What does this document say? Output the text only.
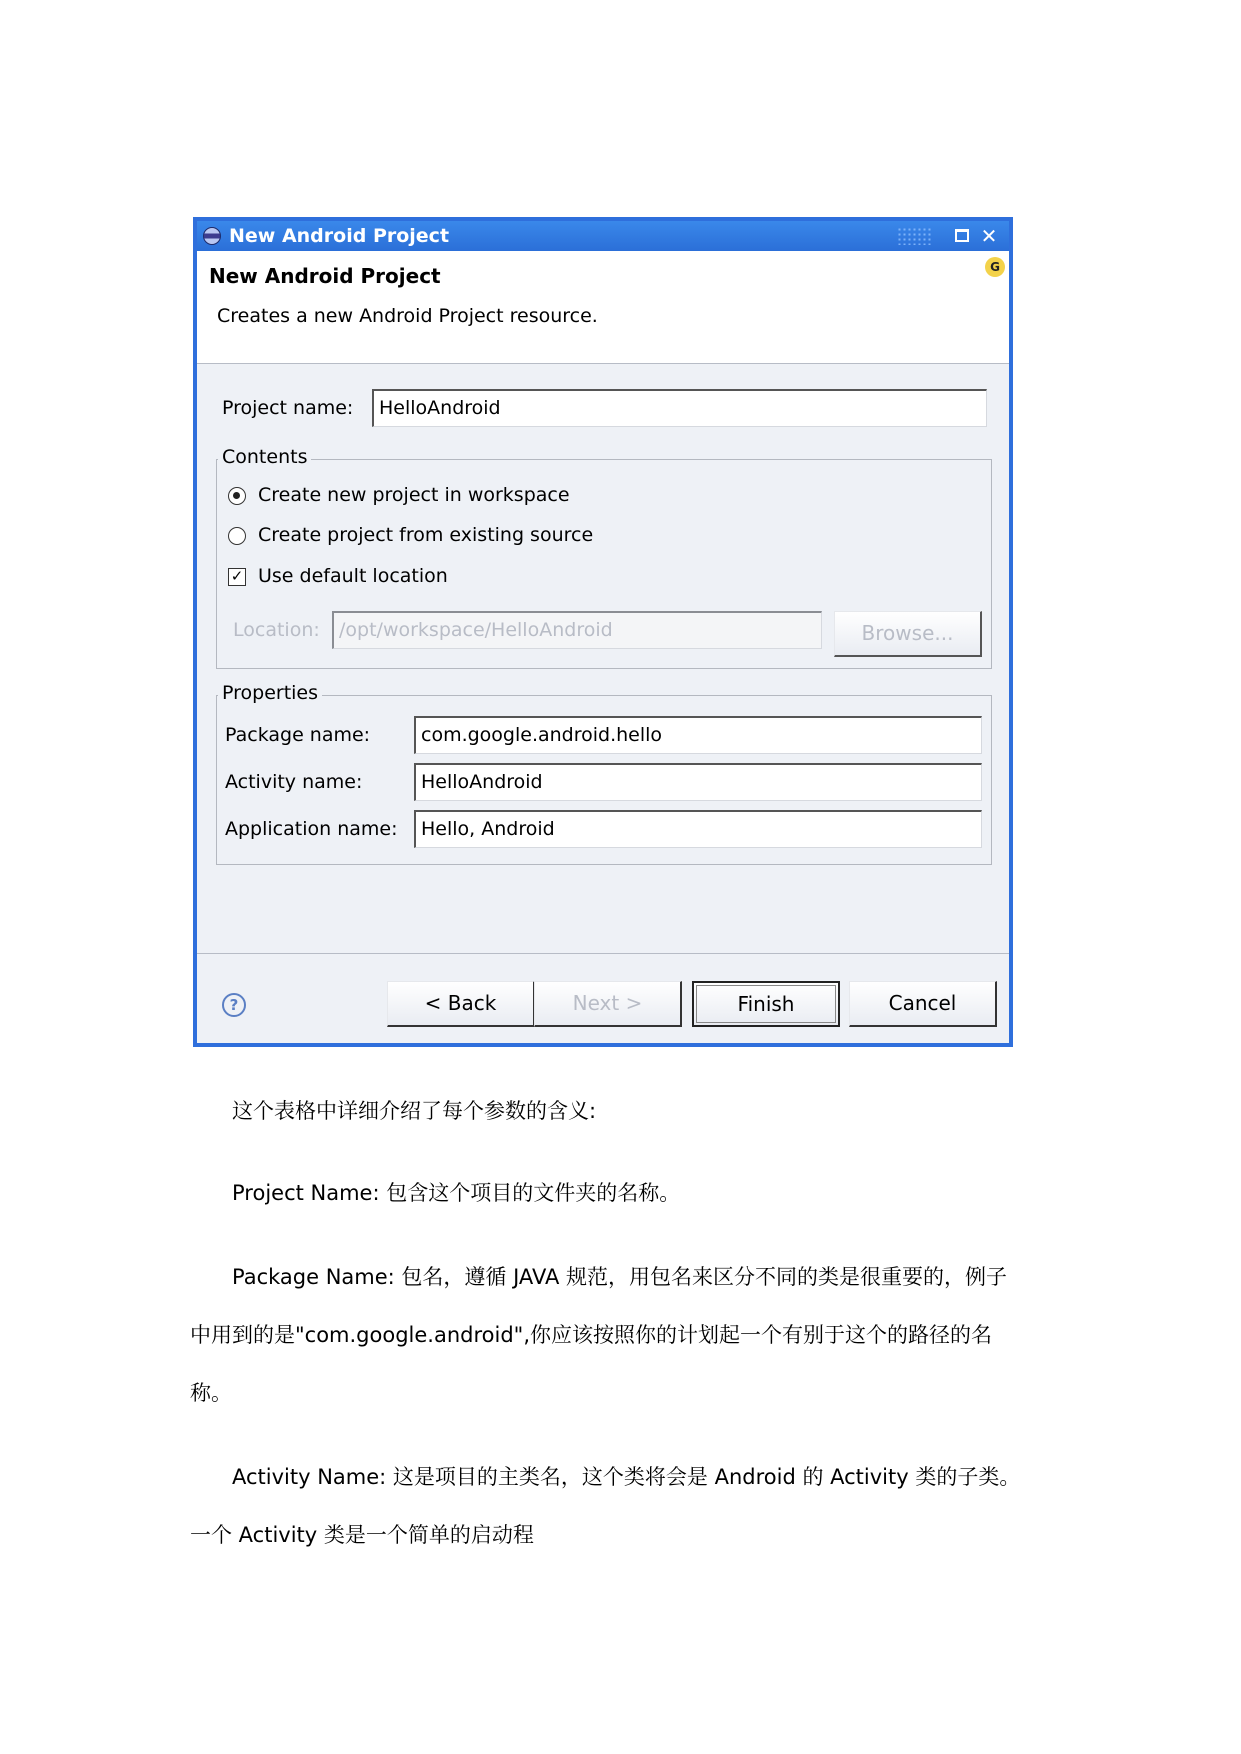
New Android Project	✕
New Android Project
Creates a new Android Project resource.
G
Project name:	HelloAndroid
Contents
Create new project in workspace
Create project from existing source
✓ Use default location
Location:	/opt/workspace/HelloAndroid	Browse...
Properties
Package name:	com.google.android.hello
Activity name:	HelloAndroid
Application name:	Hello, Android
?	< Back	Next >	Finish	Cancel
这个表格中详细介绍了每个参数的含义:
Project Name: 包含这个项目的文件夹的名称。
Package Name: 包名，遵循 JAVA 规范，用包名来区分不同的类是很重要的，例子
中用到的是"com.google.android",你应该按照你的计划起一个有别于这个的路径的名
称。
Activity Name: 这是项目的主类名，这个类将会是 Android 的 Activity 类的子类。
一个 Activity 类是一个简单的启动程
